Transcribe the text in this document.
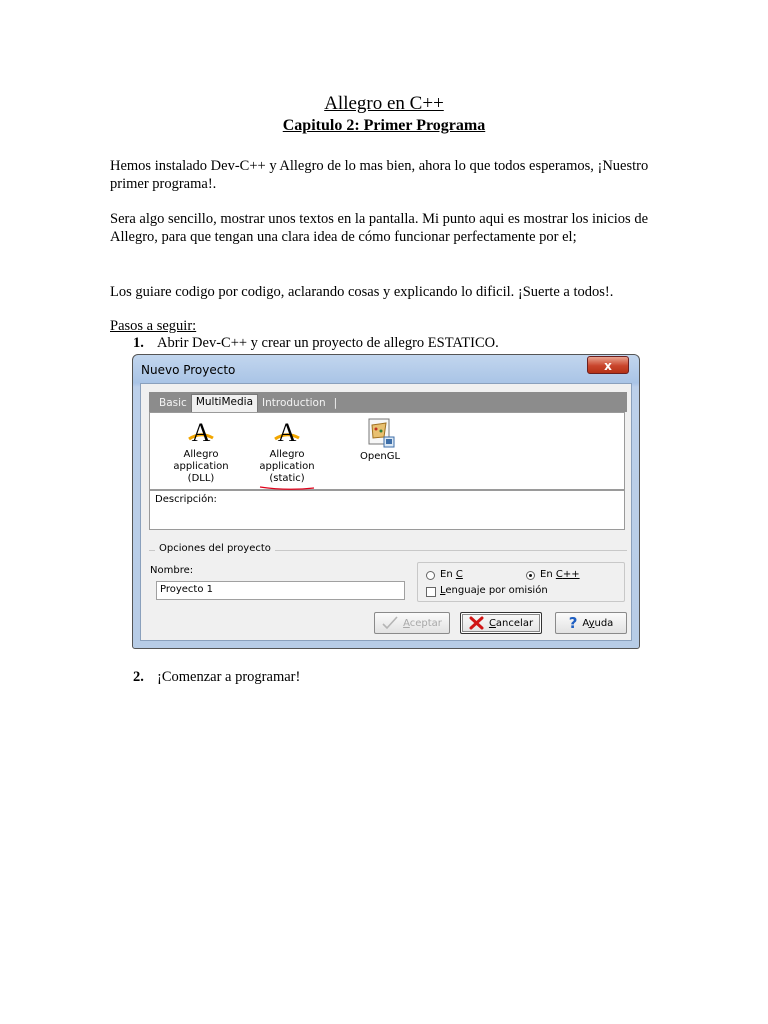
Allegro en C++
Capitulo 2: Primer Programa

Hemos instalado Dev-C++ y Allegro de lo mas bien, ahora lo que todos esperamos, ¡Nuestro primer programa!.

Sera algo sencillo, mostrar unos textos en la pantalla. Mi punto aqui es mostrar los inicios de Allegro, para que tengan una clara idea de cómo funcionar perfectamente por el;

Los guiare codigo por codigo, aclarando cosas y explicando lo dificil. ¡Suerte a todos!.

Pasos a seguir:
1. Abrir Dev-C++ y crear un proyecto de allegro ESTATICO.
Nuevo Proyecto	x
Basic MultiMedia Introduction |
A
Allegro application
(DLL)
A
Allegro application
(static)
OpenGL
Descripción:
Opciones del proyecto
Nombre:
Proyecto 1
En C	En C++
Lenguaje por omisión
Aceptar	Cancelar ? Ayuda
2. ¡Comenzar a programar!
